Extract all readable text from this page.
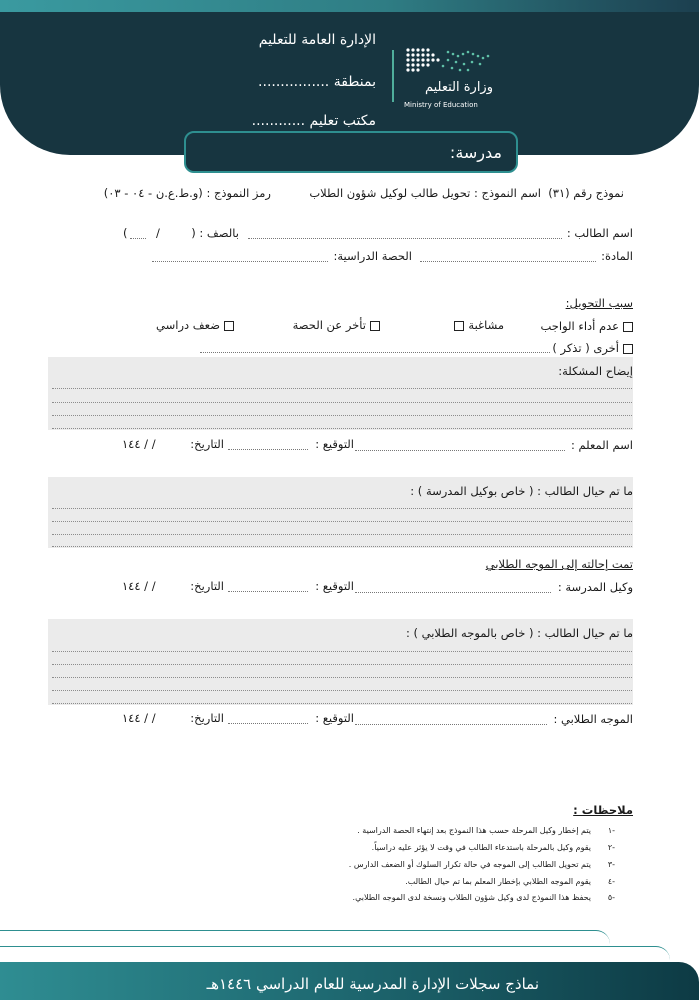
الإدارة العامة للتعليم
بمنطقة ................
مكتب تعليم ............
وزارة التعليم
Ministry of Education
مدرسة:
نموذج رقم (٣١)
اسم النموذج : تحويل طالب لوكيل شؤون الطلاب
رمز النموذج : (و.ط.ع.ن - ٠٤ - ٠٣)
اسم الطالب :
بالصف : (
/
)
المادة:
الحصة الدراسية:
سبب التحويل:
عدم أداء الواجب
مشاغبة
تأخر عن الحصة
ضعف دراسي
أخرى ( تذكر )
إيضاح المشكلة:
اسم المعلم :
التوقيع :
التاريخ:
/ / ١٤٤
ما تم حيال الطالب : ( خاص بوكيل المدرسة ) :
تمت إحالته إلى الموجه الطلابي
وكيل المدرسة :
التوقيع :
التاريخ:
/ / ١٤٤
ما تم حيال الطالب : ( خاص بالموجه الطلابي ) :
الموجه الطلابي :
التوقيع :
التاريخ:
/ / ١٤٤
ملاحظات :
-١
يتم إخطار وكيل المرحلة حسب هذا النموذج بعد إنتهاء الحصة الدراسية .
-٢
يقوم وكيل بالمرحلة باستدعاء الطالب في وقت لا يؤثر عليه دراسياً.
-٣
يتم تحويل الطالب إلى الموجه في حالة تكرار السلوك أو الضعف الدارس .
-٤
يقوم الموجه الطلابي بإخطار المعلم بما تم حيال الطالب.
-٥
يحفظ هذا النموذج لدى وكيل شؤون الطلاب ونسخة لدى الموجه الطلابي.
نماذج سجلات الإدارة المدرسية للعام الدراسي ١٤٤٦هـ
